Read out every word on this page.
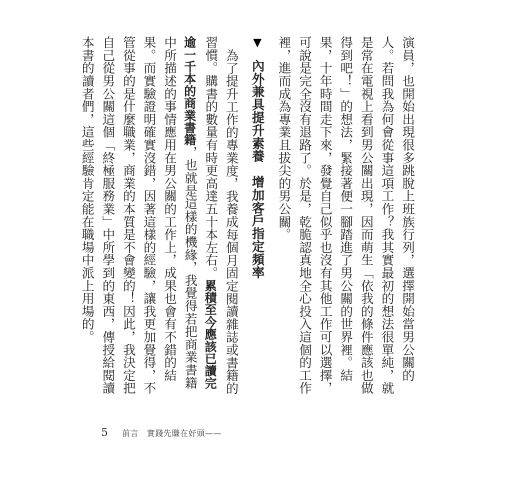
演員，也開始出現很多跳脫上班族行列，選擇開始當男公關的人。若問我為何會從事這項工作？我其實最初的想法很單純，就是常在電視上看到男公關出現，因而萌生「依我的條件應該也做得到吧！」的想法，緊接著便一腳踏進了男公關的世界裡。結果，十年時間走下來，發覺自己似乎也沒有其他工作可以選擇，可說是完全沒有退路了。於是，乾脆認真地全心投入這個的工作裡，進而成為專業且拔尖的男公關。

▼內外兼具提升素養　增加客戶指定頻率

為了提升工作的專業度，我養成每個月固定閱讀雜誌或書籍的習慣。購書的數量有時更高達五十本左右。累積至今應該已讀完逾一千本的商業書籍，也就是這樣的機緣，我覺得若把商業書籍中所描述的事情應用在男公關的工作上，成果也會有不錯的結果。而實驗證明確實沒錯，因著這樣的經驗，讓我更加覺得，不管從事的是什麼職業，商業的本質是不會變的！因此，我決定把自己從男公關這個「終極服務業」中所學到的東西，傳授給閱讀本書的讀者們，這些經驗肯定能在職場中派上用場的。

5 前言　實踐先賺在好頭——
